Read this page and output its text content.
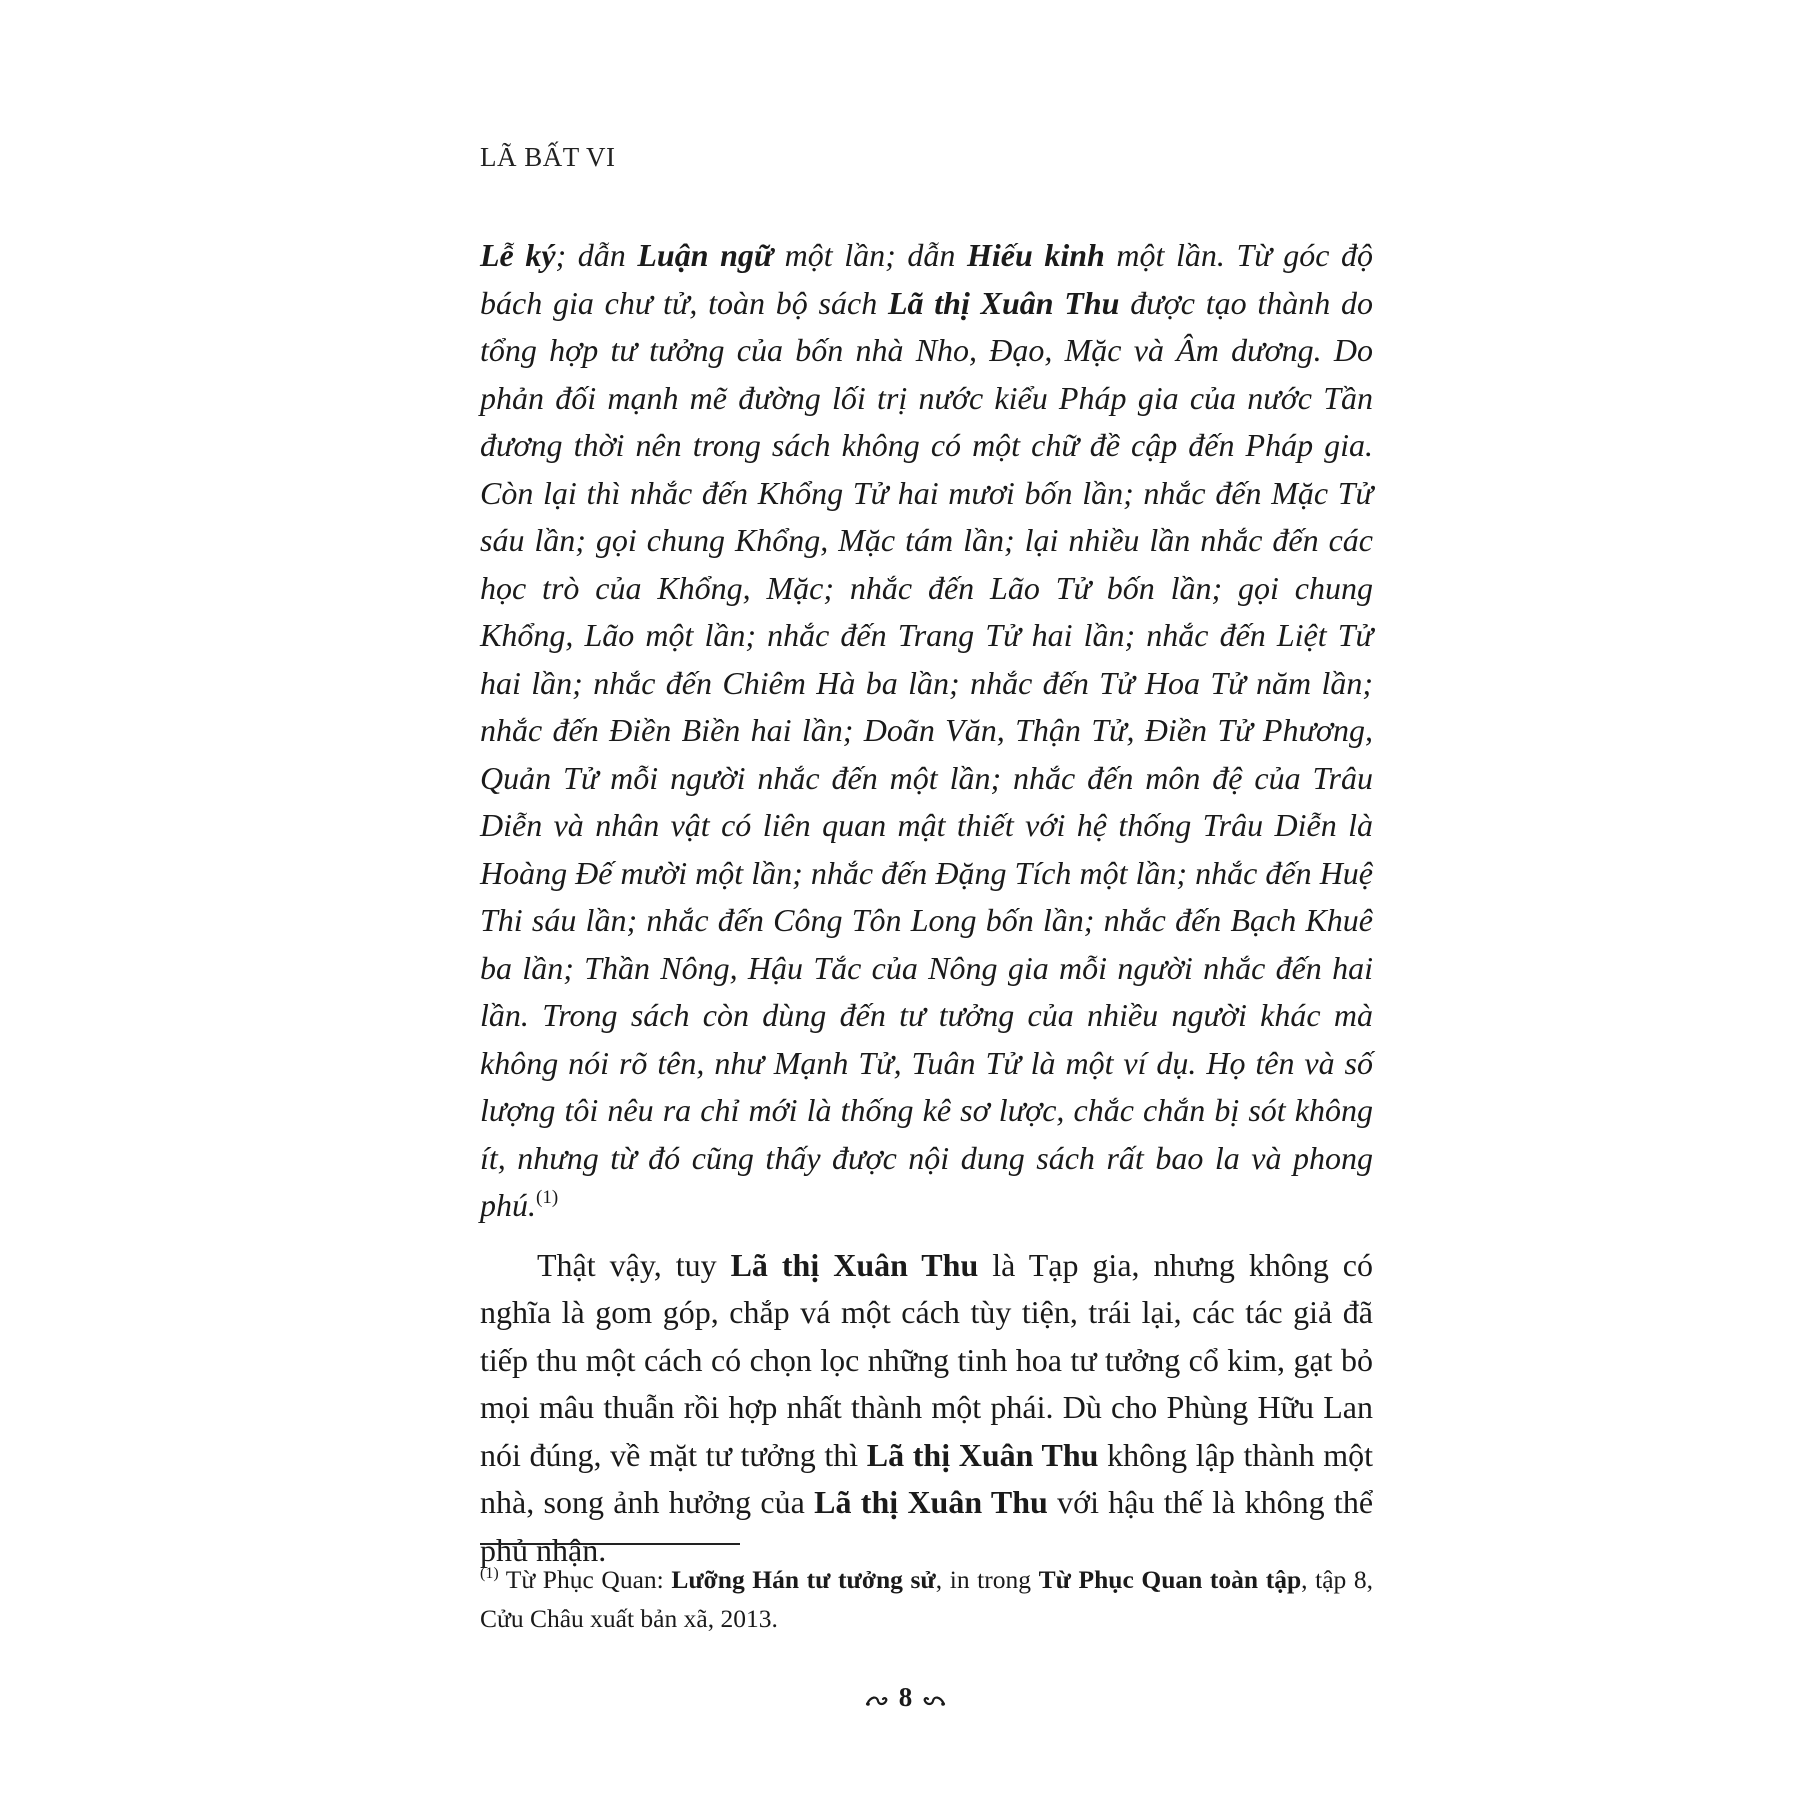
LÃ BẤT VI

Lễ ký; dẫn Luận ngữ một lần; dẫn Hiếu kinh một lần. Từ góc độ bách gia chư tử, toàn bộ sách Lã thị Xuân Thu được tạo thành do tổng hợp tư tưởng của bốn nhà Nho, Đạo, Mặc và Âm dương. Do phản đối mạnh mẽ đường lối trị nước kiểu Pháp gia của nước Tần đương thời nên trong sách không có một chữ đề cập đến Pháp gia. Còn lại thì nhắc đến Khổng Tử hai mươi bốn lần; nhắc đến Mặc Tử sáu lần; gọi chung Khổng, Mặc tám lần; lại nhiều lần nhắc đến các học trò của Khổng, Mặc; nhắc đến Lão Tử bốn lần; gọi chung Khổng, Lão một lần; nhắc đến Trang Tử hai lần; nhắc đến Liệt Tử hai lần; nhắc đến Chiêm Hà ba lần; nhắc đến Tử Hoa Tử năm lần; nhắc đến Điền Biền hai lần; Doãn Văn, Thận Tử, Điền Tử Phương, Quản Tử mỗi người nhắc đến một lần; nhắc đến môn đệ của Trâu Diễn và nhân vật có liên quan mật thiết với hệ thống Trâu Diễn là Hoàng Đế mười một lần; nhắc đến Đặng Tích một lần; nhắc đến Huệ Thi sáu lần; nhắc đến Công Tôn Long bốn lần; nhắc đến Bạch Khuê ba lần; Thần Nông, Hậu Tắc của Nông gia mỗi người nhắc đến hai lần. Trong sách còn dùng đến tư tưởng của nhiều người khác mà không nói rõ tên, như Mạnh Tử, Tuân Tử là một ví dụ. Họ tên và số lượng tôi nêu ra chỉ mới là thống kê sơ lược, chắc chắn bị sót không ít, nhưng từ đó cũng thấy được nội dung sách rất bao la và phong phú.$^{(1)}$

Thật vậy, tuy Lã thị Xuân Thu là Tạp gia, nhưng không có nghĩa là gom góp, chắp vá một cách tùy tiện, trái lại, các tác giả đã tiếp thu một cách có chọn lọc những tinh hoa tư tưởng cổ kim, gạt bỏ mọi mâu thuẫn rồi hợp nhất thành một phái. Dù cho Phùng Hữu Lan nói đúng, về mặt tư tưởng thì Lã thị Xuân Thu không lập thành một nhà, song ảnh hưởng của Lã thị Xuân Thu với hậu thế là không thể phủ nhận.

$^{(1)}$ Từ Phục Quan: Lưỡng Hán tư tưởng sử, in trong Từ Phục Quan toàn tập, tập 8, Cửu Châu xuất bản xã, 2013.
8
